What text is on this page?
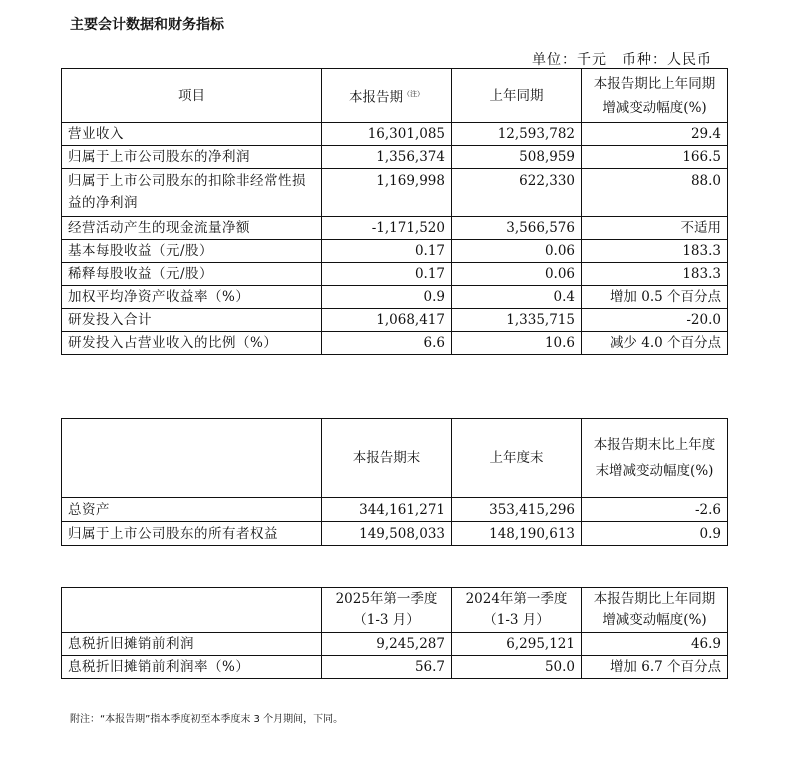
主要会计数据和财务指标
单位：千元　币种：人民币
项目	本报告期$^{(注)}$	上年同期	本报告期比上年同期增减变动幅度(%)
营业收入	16,301,085	12,593,782	29.4
归属于上市公司股东的净利润	1,356,374	508,959	166.5
归属于上市公司股东的扣除非经常性损益的净利润	1,169,998	622,330	88.0
经营活动产生的现金流量净额	-1,171,520	3,566,576	不适用
基本每股收益（元/股）	0.17	0.06	183.3
稀释每股收益（元/股）	0.17	0.06	183.3
加权平均净资产收益率（%）	0.9	0.4	增加 0.5 个百分点
研发投入合计	1,068,417	1,335,715	-20.0
研发投入占营业收入的比例（%）	6.6	10.6	减少 4.0 个百分点
	本报告期末	上年度末	本报告期末比上年度末增减变动幅度(%)
总资产	344,161,271	353,415,296	-2.6
归属于上市公司股东的所有者权益	149,508,033	148,190,613	0.9
	2025年第一季度（1-3 月）	2024年第一季度（1-3 月）	本报告期比上年同期增减变动幅度(%)
息税折旧摊销前利润	9,245,287	6,295,121	46.9
息税折旧摊销前利润率（%）	56.7	50.0	增加 6.7 个百分点
附注：“本报告期”指本季度初至本季度末 3 个月期间，下同。
